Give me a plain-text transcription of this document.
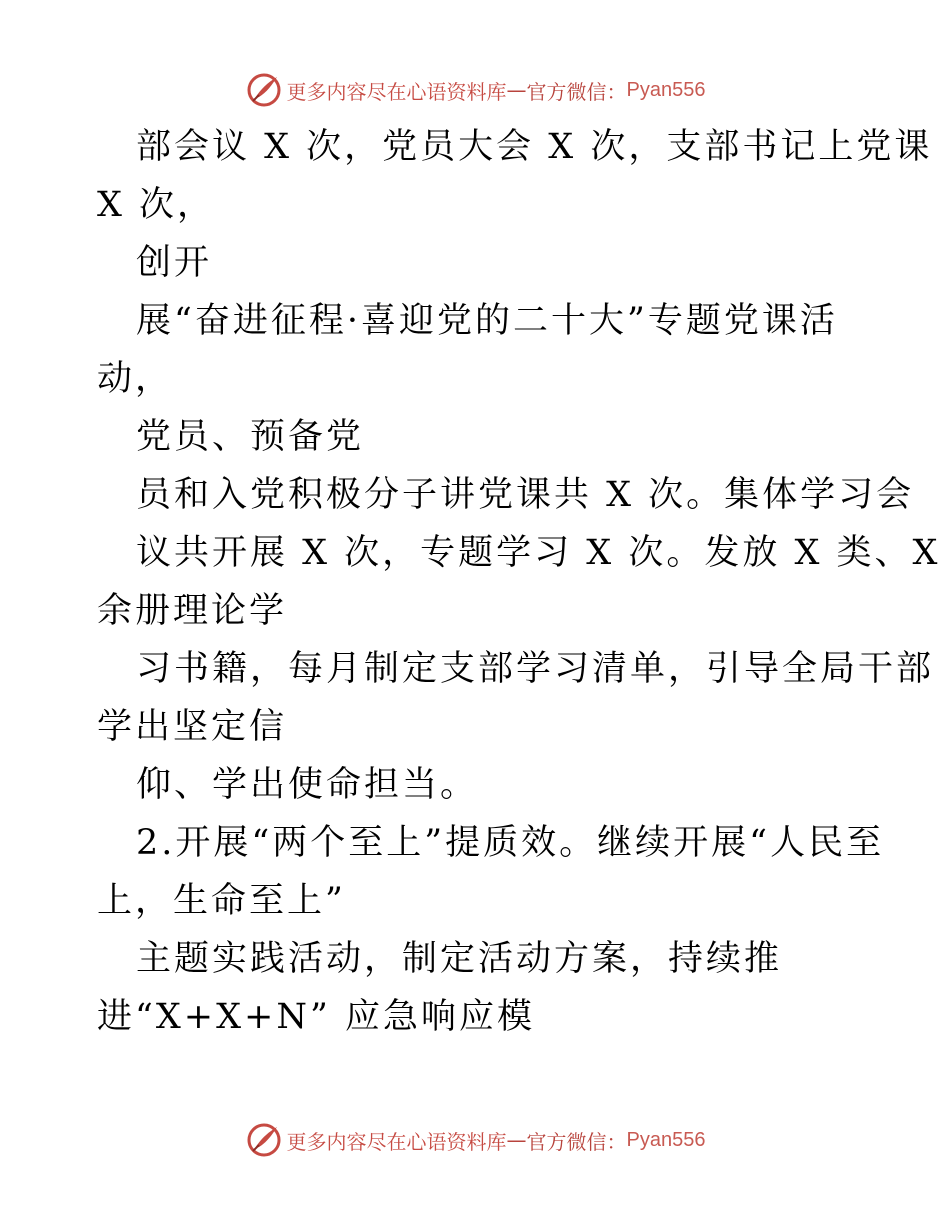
更多内容尽在心语资料库 — 官方微信： Pyan556
部会议 X 次，党员大会 X 次，支部书记上党课
X 次，
创开
展“奋进征程·喜迎党的二十大”专题党课活
动，
党员、预备党
员和入党积极分子讲党课共 X 次。集体学习会
议共开展 X 次，专题学习 X 次。发放 X 类、X
余册理论学
习书籍，每月制定支部学习清单，引导全局干部
学出坚定信
仰、学出使命担当。
2.开展“两个至上”提质效。继续开展“人民至
上，生命至上”
主题实践活动，制定活动方案，持续推
进“X+X+N” 应急响应模
更多内容尽在心语资料库 — 官方微信： Pyan556
